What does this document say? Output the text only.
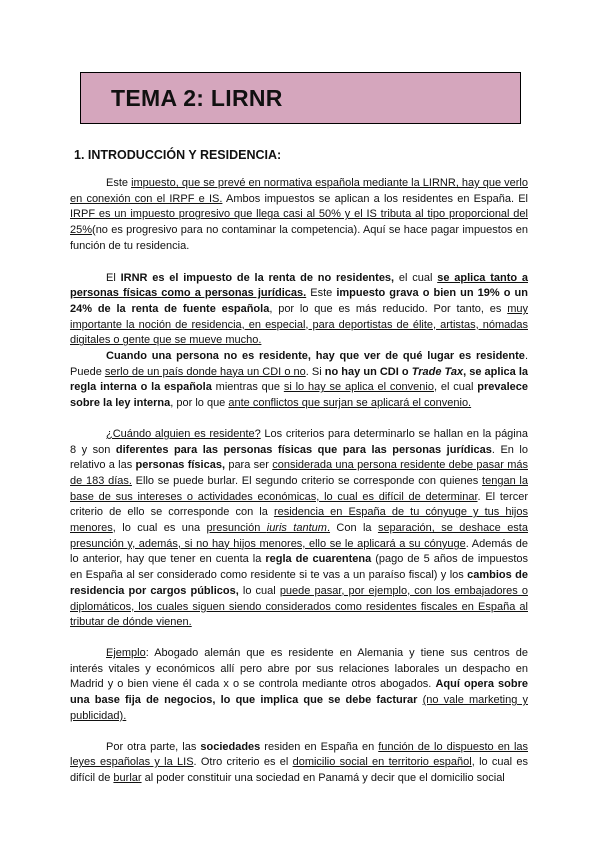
TEMA 2: LIRNR
1. INTRODUCCIÓN Y RESIDENCIA:

Este impuesto, que se prevé en normativa española mediante la LIRNR, hay que verlo en conexión con el IRPF e IS. Ambos impuestos se aplican a los residentes en España. El IRPF es un impuesto progresivo que llega casi al 50% y el IS tributa al tipo proporcional del 25%(no es progresivo para no contaminar la competencia). Aquí se hace pagar impuestos en función de tu residencia.

El IRNR es el impuesto de la renta de no residentes, el cual se aplica tanto a personas físicas como a personas jurídicas. Este impuesto grava o bien un 19% o un 24% de la renta de fuente española, por lo que es más reducido. Por tanto, es muy importante la noción de residencia, en especial, para deportistas de élite, artistas, nómadas digitales o gente que se mueve mucho.

Cuando una persona no es residente, hay que ver de qué lugar es residente. Puede serlo de un país donde haya un CDI o no. Si no hay un CDI o Trade Tax, se aplica la regla interna o la española mientras que si lo hay se aplica el convenio, el cual prevalece sobre la ley interna, por lo que ante conflictos que surjan se aplicará el convenio.

¿Cuándo alguien es residente? Los criterios para determinarlo se hallan en la página 8 y son diferentes para las personas físicas que para las personas jurídicas. En lo relativo a las personas físicas, para ser considerada una persona residente debe pasar más de 183 días. Ello se puede burlar. El segundo criterio se corresponde con quienes tengan la base de sus intereses o actividades económicas, lo cual es difícil de determinar. El tercer criterio de ello se corresponde con la residencia en España de tu cónyuge y tus hijos menores, lo cual es una presunción iuris tantum. Con la separación, se deshace esta presunción y, además, si no hay hijos menores, ello se le aplicará a su cónyuge. Además de lo anterior, hay que tener en cuenta la regla de cuarentena (pago de 5 años de impuestos en España al ser considerado como residente si te vas a un paraíso fiscal) y los cambios de residencia por cargos públicos, lo cual puede pasar, por ejemplo, con los embajadores o diplomáticos, los cuales siguen siendo considerados como residentes fiscales en España al tributar de dónde vienen.

Ejemplo: Abogado alemán que es residente en Alemania y tiene sus centros de interés vitales y económicos allí pero abre por sus relaciones laborales un despacho en Madrid y o bien viene él cada x o se controla mediante otros abogados. Aquí opera sobre una base fija de negocios, lo que implica que se debe facturar (no vale marketing y publicidad).

Por otra parte, las sociedades residen en España en función de lo dispuesto en las leyes españolas y la LIS. Otro criterio es el domicilio social en territorio español, lo cual es difícil de burlar al poder constituir una sociedad en Panamá y decir que el domicilio social
